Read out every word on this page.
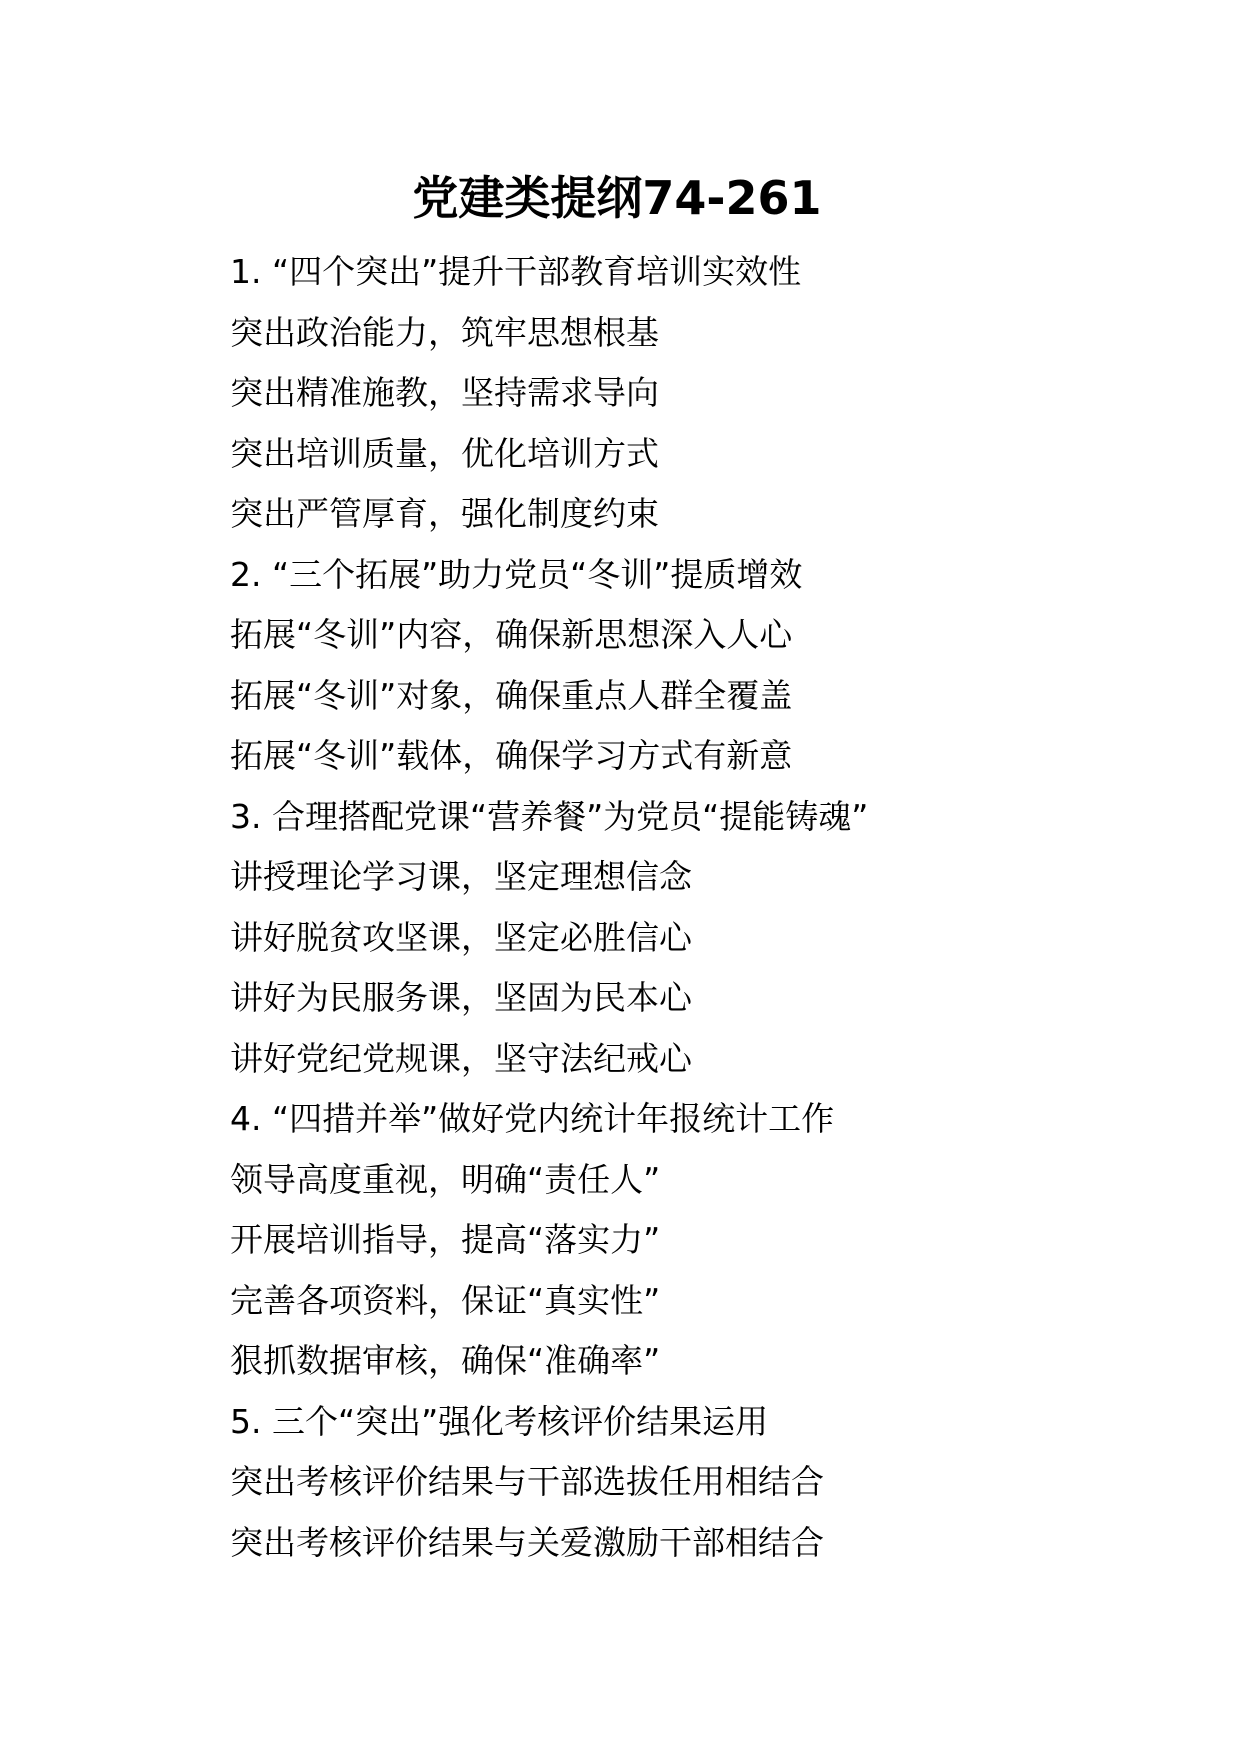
党建类提纲74-261
1. “四个突出”提升干部教育培训实效性
突出政治能力，筑牢思想根基
突出精准施教，坚持需求导向
突出培训质量，优化培训方式
突出严管厚育，强化制度约束
2. “三个拓展”助力党员“冬训”提质增效
拓展“冬训”内容，确保新思想深入人心
拓展“冬训”对象，确保重点人群全覆盖
拓展“冬训”载体，确保学习方式有新意
3. 合理搭配党课“营养餐”为党员“提能铸魂”
讲授理论学习课，坚定理想信念
讲好脱贫攻坚课，坚定必胜信心
讲好为民服务课，坚固为民本心
讲好党纪党规课，坚守法纪戒心
4. “四措并举”做好党内统计年报统计工作
领导高度重视，明确“责任人”
开展培训指导，提高“落实力”
完善各项资料，保证“真实性”
狠抓数据审核，确保“准确率”
5. 三个“突出”强化考核评价结果运用
突出考核评价结果与干部选拔任用相结合
突出考核评价结果与关爱激励干部相结合
